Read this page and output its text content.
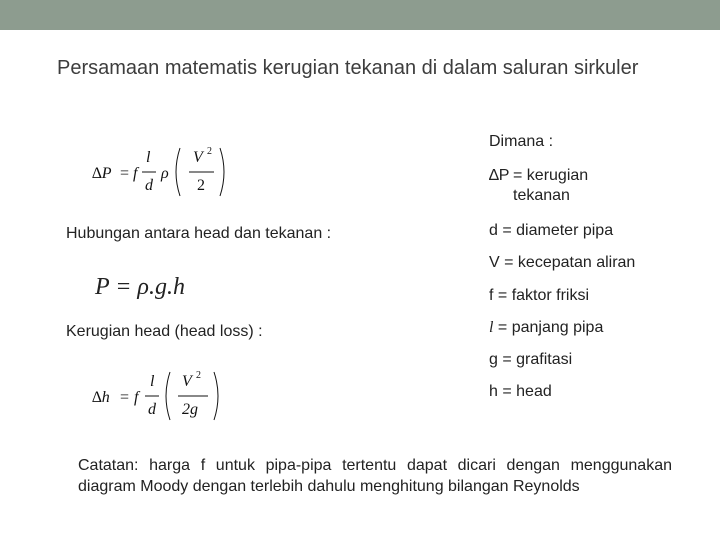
Persamaan matematis kerugian tekanan di dalam saluran sirkuler
∆P = f
l
d
ρ
V 2
2
Hubungan antara head dan tekanan :
P = ρ.g.h
Kerugian head (head loss) :
∆h = f
l
d
V 2
2g
Dimana :
∆P = kerugian tekanan
d = diameter pipa
V = kecepatan aliran
f = faktor friksi
l = panjang pipa
g = grafitasi
h = head
Catatan: harga f untuk pipa-pipa tertentu dapat dicari dengan menggunakan diagram Moody dengan terlebih dahulu menghitung bilangan Reynolds
